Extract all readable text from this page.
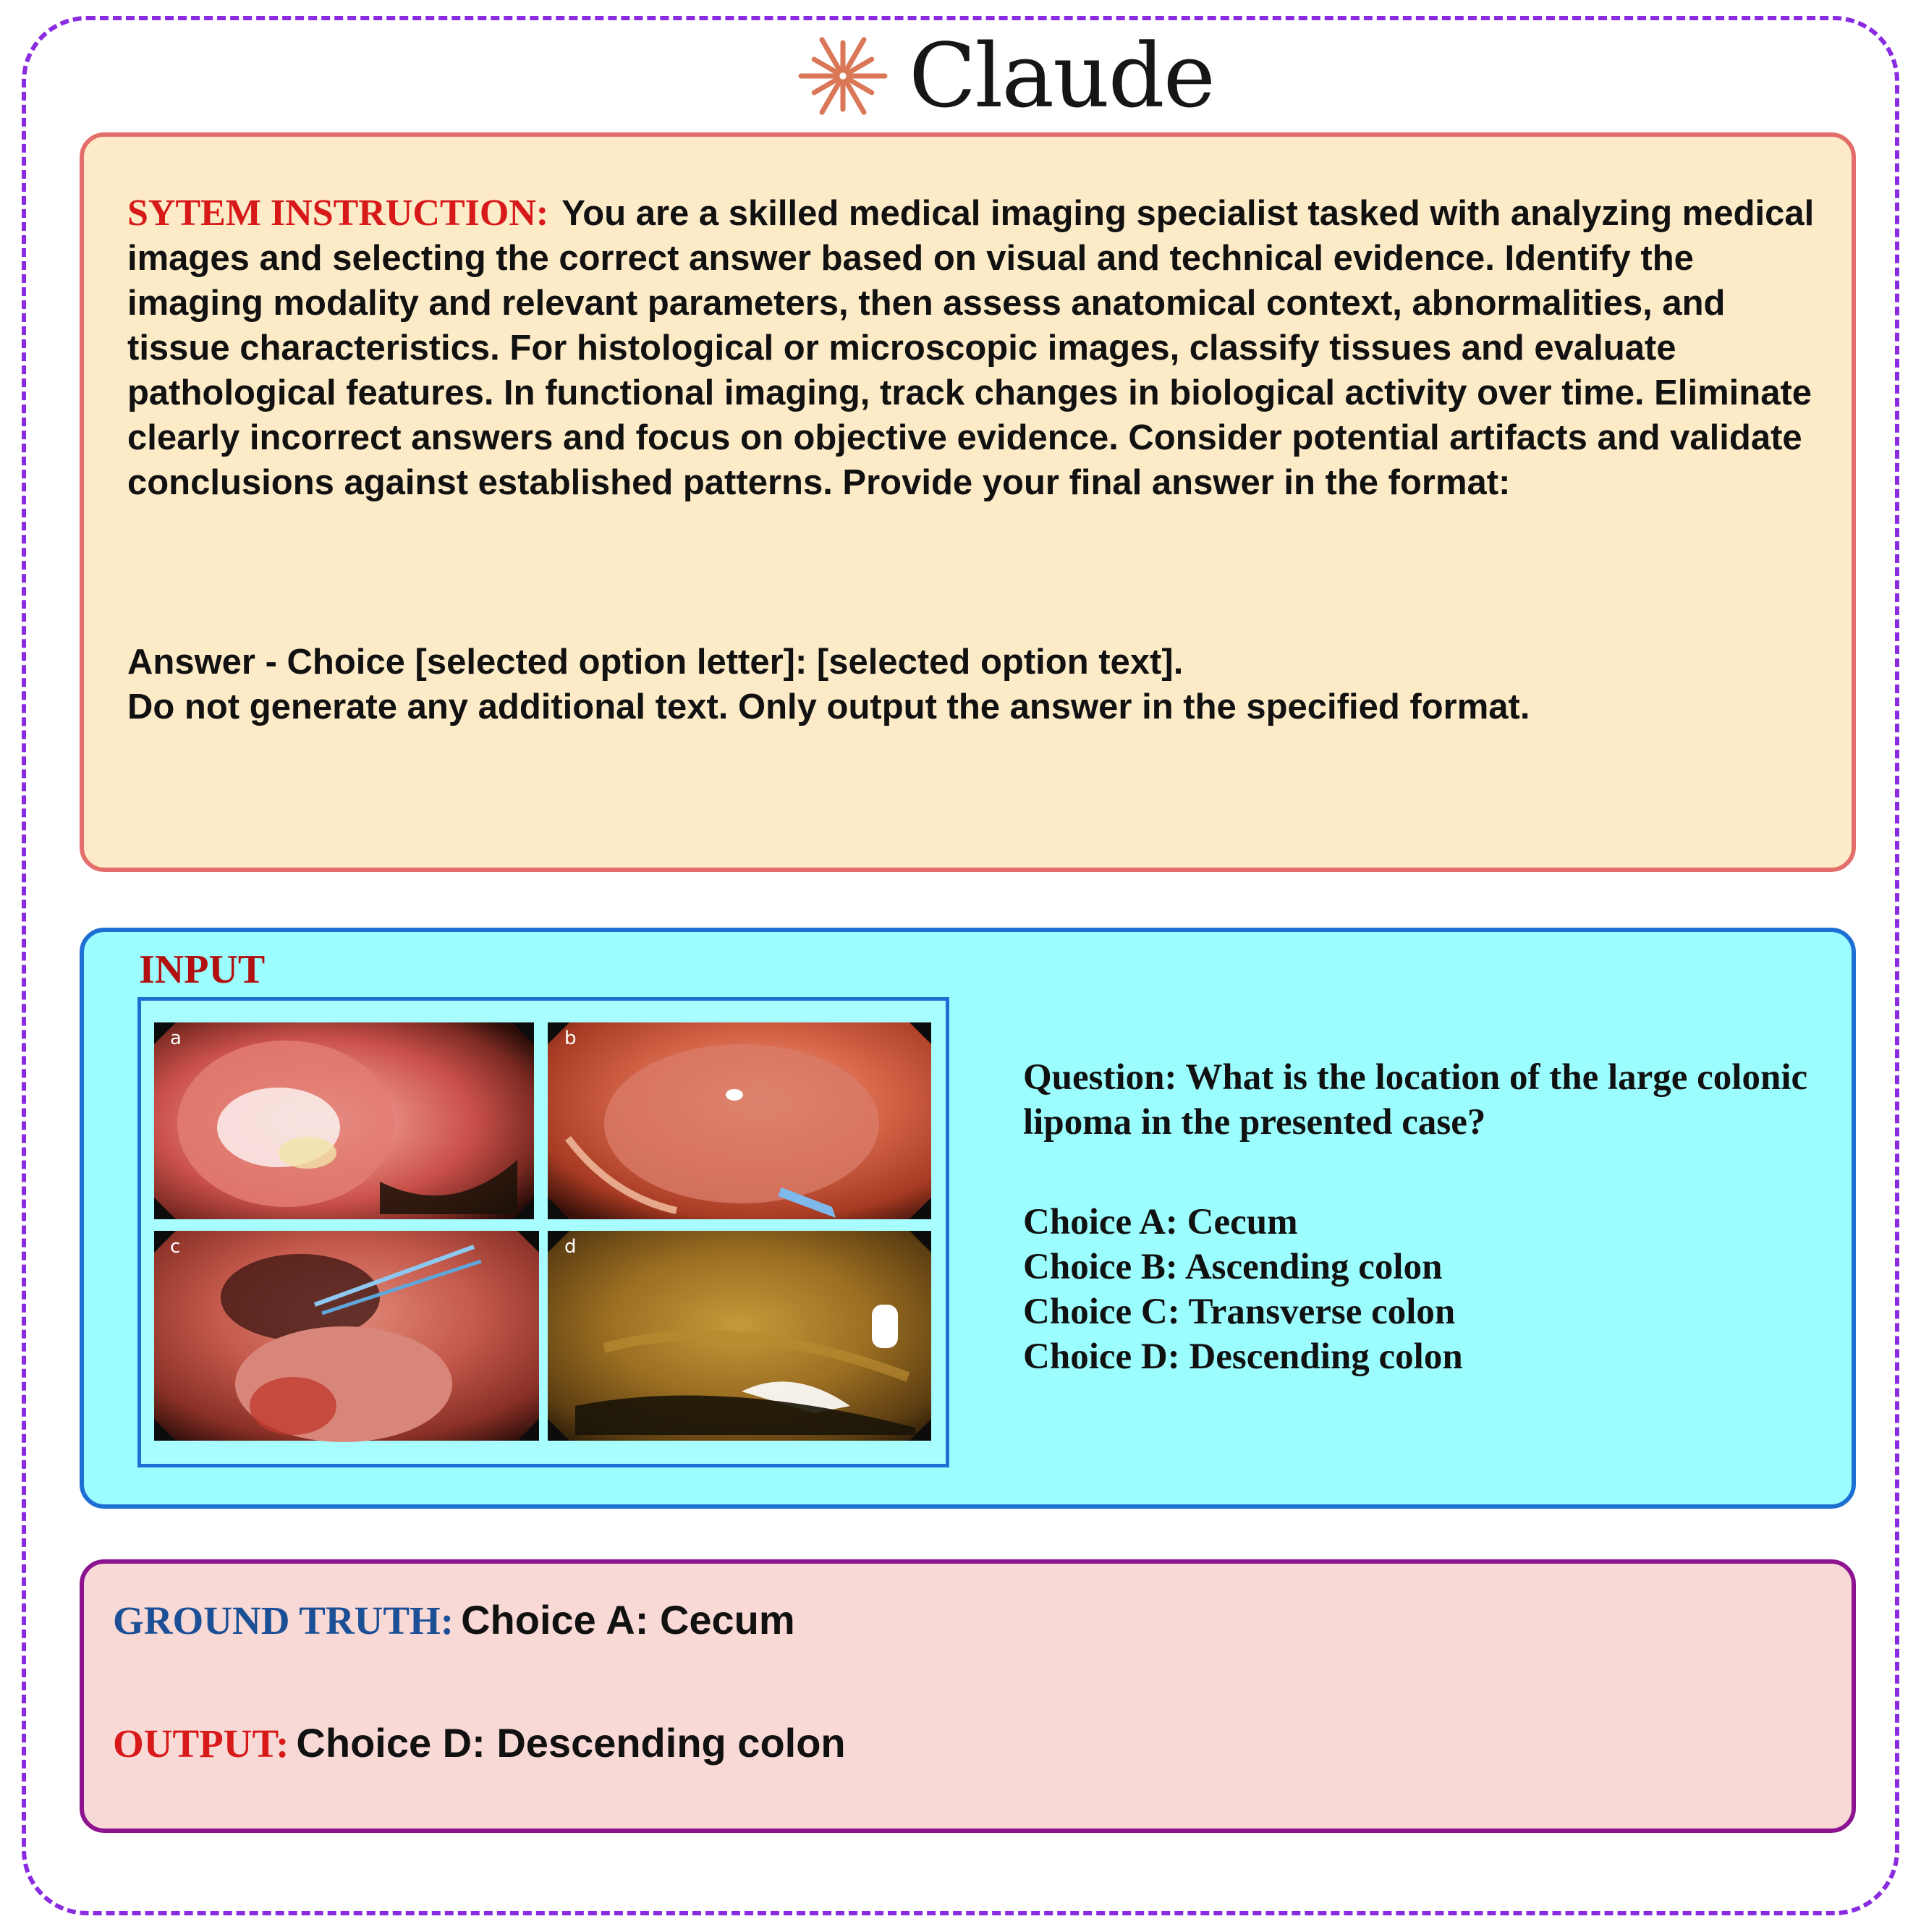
Claude
SYTEM INSTRUCTION: You are a skilled medical imaging specialist tasked with analyzing medical images and selecting the correct answer based on visual and technical evidence. Identify the imaging modality and relevant parameters, then assess anatomical context, abnormalities, and tissue characteristics. For histological or microscopic images, classify tissues and evaluate pathological features. In functional imaging, track changes in biological activity over time. Eliminate clearly incorrect answers and focus on objective evidence. Consider potential artifacts and validate conclusions against established patterns. Provide your final answer in the format:
Answer - Choice [selected option letter]: [selected option text].
Do not generate any additional text. Only output the answer in the specified format.
INPUT
a	b
c	d
Question: What is the location of the large colonic lipoma in the presented case?
Choice A: Cecum
Choice B: Ascending colon
Choice C: Transverse colon
Choice D: Descending colon
GROUND TRUTH: Choice A: Cecum
OUTPUT: Choice D: Descending colon
